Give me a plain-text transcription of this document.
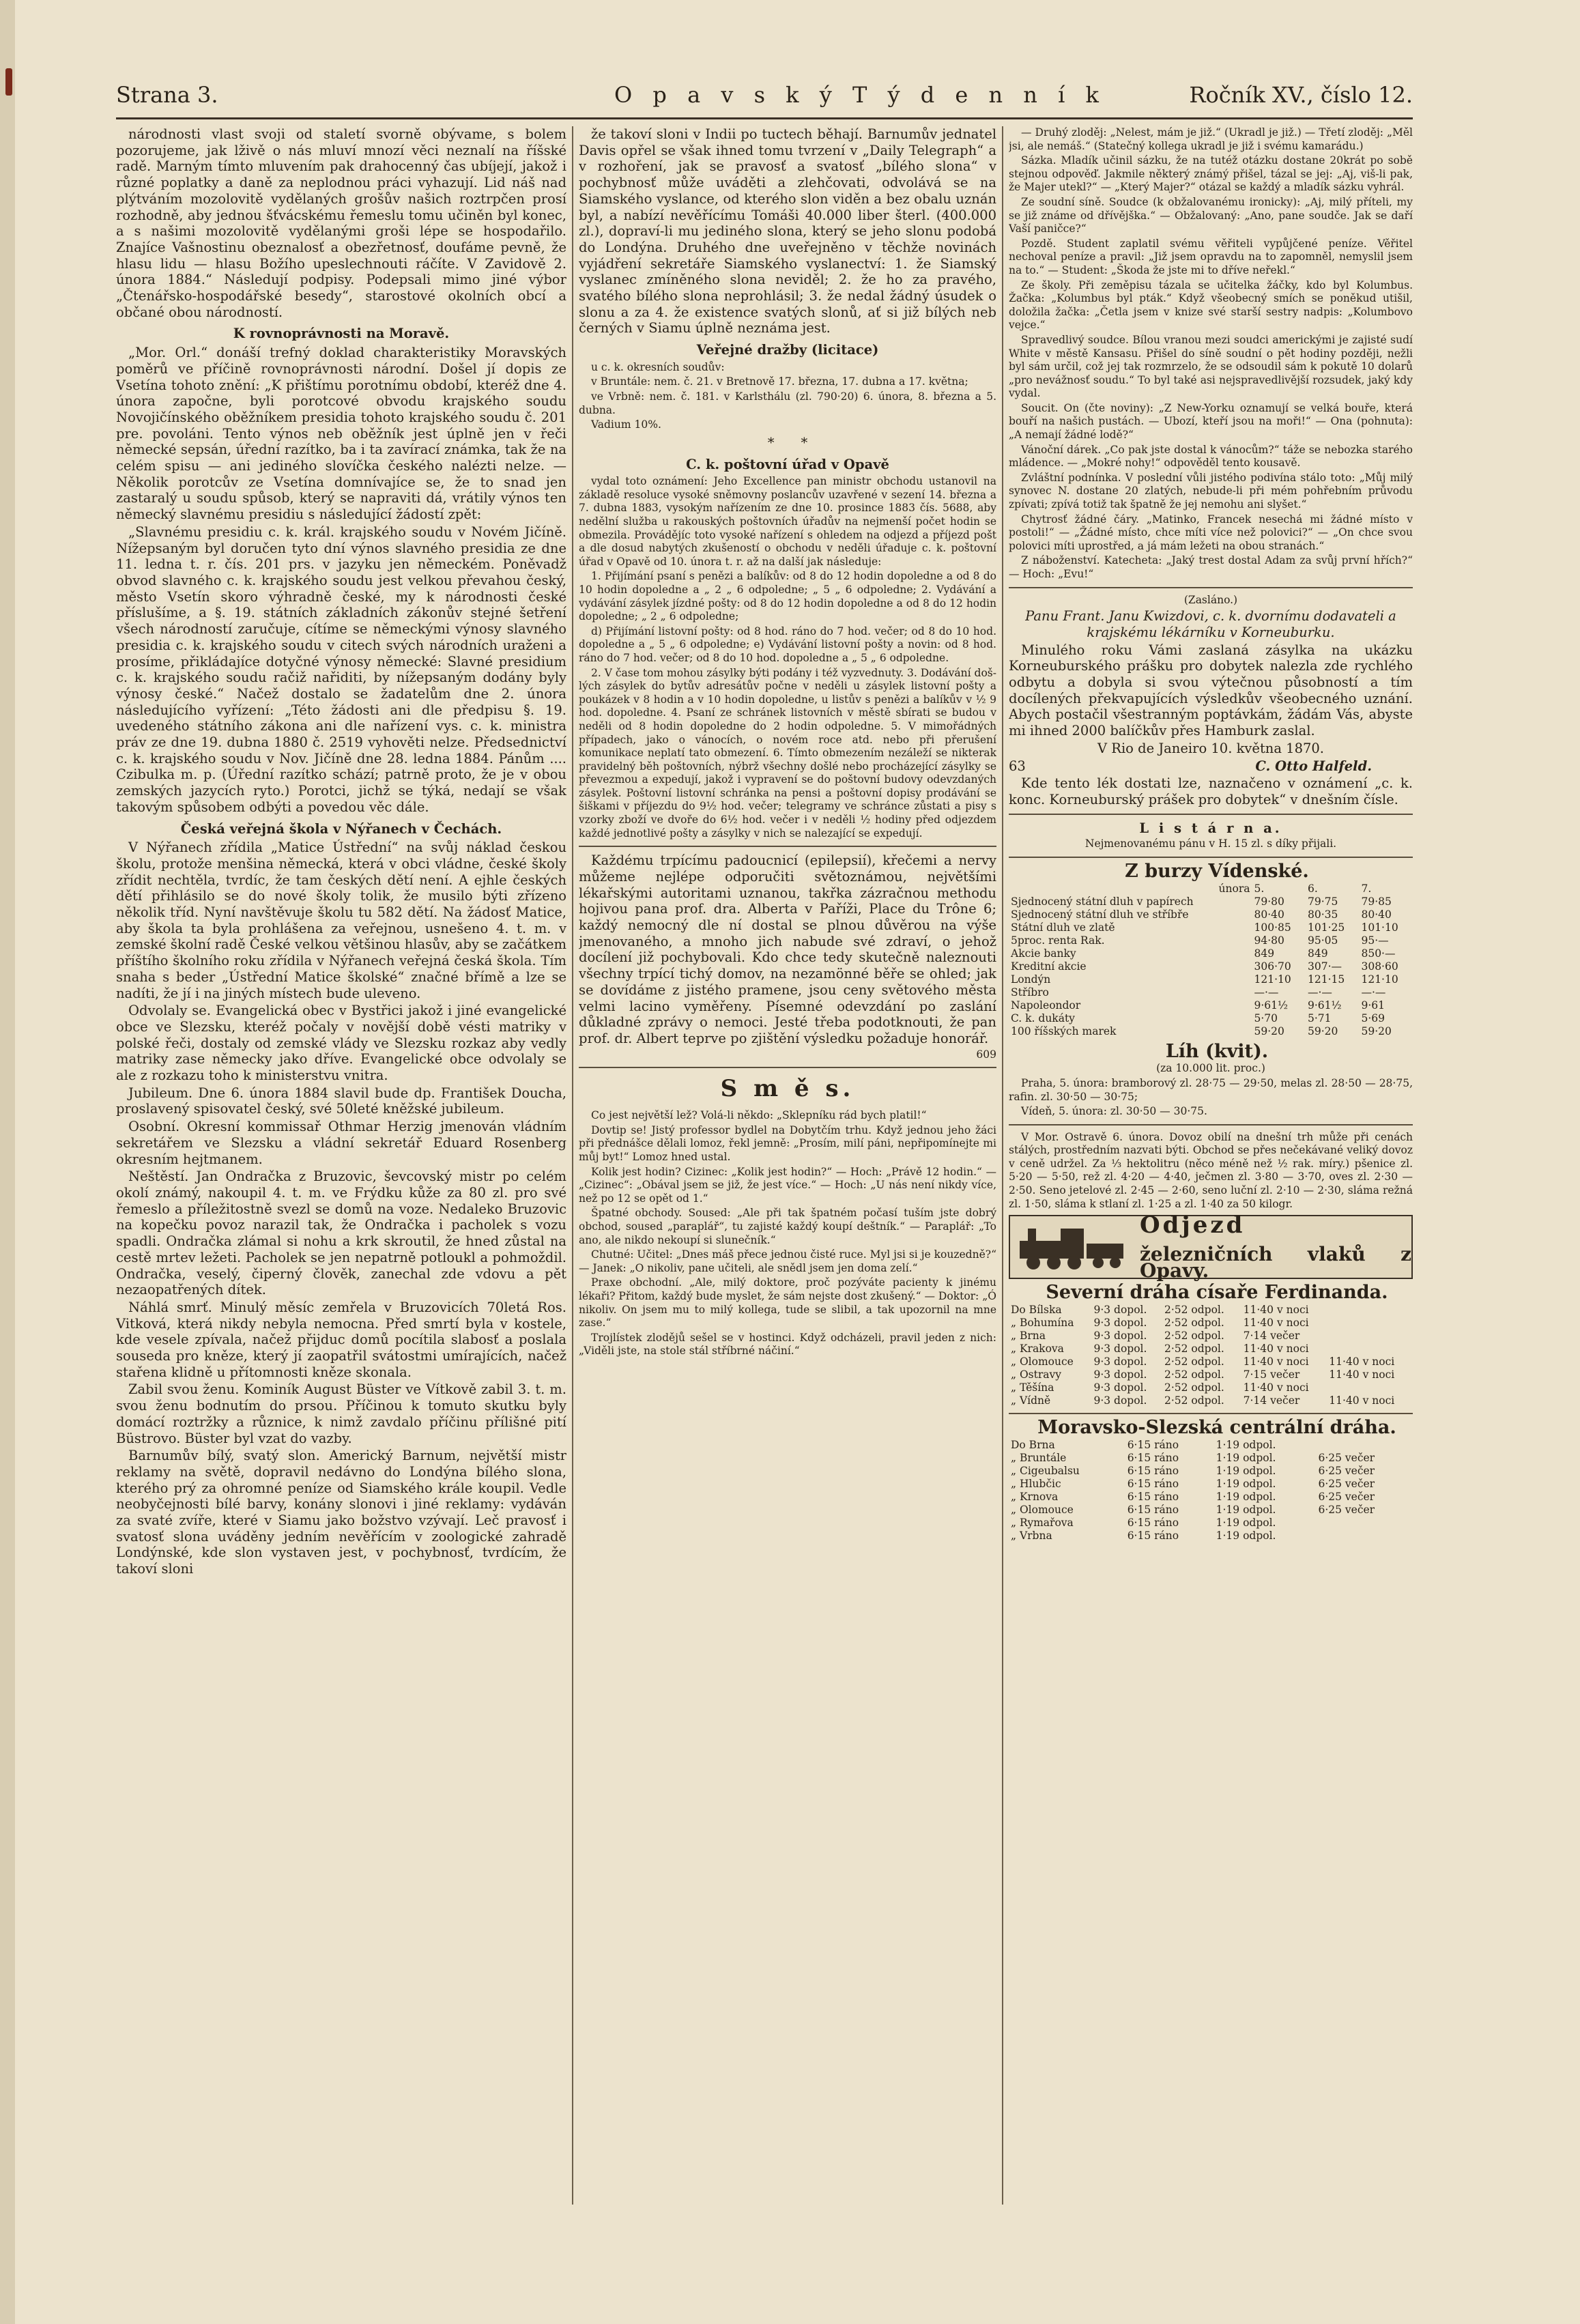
Strana 3.	O p a v s k ý T ý d e n n í k	Ročník XV., číslo 12.

národnosti vlast svoji od staletí svorně obývame, s bolem pozorujeme, jak lživě o nás mluví mnozí věci neznalí na říšské radě. Marným tímto mluvením pak drahocenný čas ubíjejí, jakož i různé poplatky a daně za neplodnou práci vyhazují. Lid náš nad plýtváním mozolovitě vydělaných grošův našich roztrpčen prosí rozhodně, aby jednou šťvácskému řemeslu tomu učiněn byl konec, a s našimi mozolovitě vydělanými groši lépe se hospodařilo. Znajíce Vašnostinu obeznalosť a obezřetnosť, doufáme pevně, že hlasu lidu — hlasu Božího upeslechnouti ráčíte. V Zavidově 2. února 1884.“ Následují podpisy. Podepsali mimo jiné výbor „Čtenářsko-hospodářské besedy“, starostové okolních obcí a občané obou národností.

K rovnoprávnosti na Moravě.

„Mor. Orl.“ donáší trefný doklad charakteristiky Moravských poměrů ve příčině rovnoprávnosti národní. Došel jí dopis ze Vsetína tohoto znění: „K přištímu porotnímu období, kteréž dne 4. února započne, byli porotcové obvodu krajského soudu Novojičínského oběžníkem presidia tohoto krajského soudu č. 201 pre. povoláni. Tento výnos neb oběžník jest úplně jen v řeči německé sepsán, úřední razítko, ba i ta zavírací známka, tak že na celém spisu — ani jediného slovíčka českého nalézti nelze. — Několik porotcův ze Vsetína domnívajíce se, že to snad jen zastaralý u soudu spůsob, který se napraviti dá, vrátily výnos ten německý slavnému presidiu s následující žádostí zpět:

„Slavnému presidiu c. k. král. krajského soudu v Novém Jičíně. Nížepsaným byl doručen tyto dní výnos slavného presidia ze dne 11. ledna t. r. čís. 201 prs. v jazyku jen německém. Poněvadž obvod slavného c. k. krajského soudu jest velkou převahou český, město Vsetín skoro výhradně české, my k národnosti české příslušíme, a §. 19. státních základních zákonův stejné šetření všech národností zaručuje, cítíme se německými výnosy slavného presidia c. k. krajského soudu v citech svých národních uraženi a prosíme, přikládajíce dotyčné výnosy německé: Slavné presidium c. k. krajského soudu račiž nařiditi, by nížepsaným dodány byly výnosy české.“ Načež dostalo se žadatelům dne 2. února následujícího vyřízení: „Této žádosti ani dle předpisu §. 19. uvedeného státního zákona ani dle nařízení vys. c. k. ministra práv ze dne 19. dubna 1880 č. 2519 vyhověti nelze. Předsednictví c. k. krajského soudu v Nov. Jičíně dne 28. ledna 1884. Pánům .... Czibulka m. p. (Úřední razítko schází; patrně proto, že je v obou zemských jazycích ryto.) Porotci, jichž se týká, nedají se však takovým spůsobem odbýti a povedou věc dále.

Česká veřejná škola v Nýřanech v Čechách.

V Nýřanech zřídila „Matice Ústřední“ na svůj náklad českou školu, protože menšina německá, která v obci vládne, české školy zřídit nechtěla, tvrdíc, že tam českých dětí není. A ejhle českých dětí přihlásilo se do nové školy tolik, že musilo býti zřízeno několik tříd. Nyní navštěvuje školu tu 582 dětí. Na žádosť Matice, aby škola ta byla prohlášena za veřejnou, usnešeno 4. t. m. v zemské školní radě České velkou většinou hlasův, aby se začátkem příštího školního roku zřídila v Nýřanech veřejná česká škola. Tím snaha s beder „Ústřední Matice školské“ značné břímě a lze se nadíti, že jí i na jiných místech bude uleveno.

Odvolaly se. Evangelická obec v Bystřici jakož i jiné evangelické obce ve Slezsku, kteréž počaly v novější době vésti matriky v polské řeči, dostaly od zemské vlády ve Slezsku rozkaz aby vedly matriky zase německy jako dříve. Evangelické obce odvolaly se ale z rozkazu toho k ministerstvu vnitra.

Jubileum. Dne 6. února 1884 slavil bude dp. František Doucha, proslavený spisovatel český, své 50leté kněžské jubileum.

Osobní. Okresní kommissař Othmar Herzig jmenován vládním sekretářem ve Slezsku a vládní sekretář Eduard Rosenberg okresním hejtmanem.

Neštěstí. Jan Ondračka z Bruzovic, ševcovský mistr po celém okolí známý, nakoupil 4. t. m. ve Frýdku kůže za 80 zl. pro své řemeslo a příležitostně svezl se domů na voze. Nedaleko Bruzovic na kopečku povoz narazil tak, že Ondračka i pacholek s vozu spadli. Ondračka zlámal si nohu a krk skroutil, že hned zůstal na cestě mrtev ležeti. Pacholek se jen nepatrně potloukl a pohmoždil. Ondračka, veselý, čiperný člověk, zanechal zde vdovu a pět nezaopatřených dítek.

Náhlá smrť. Minulý měsíc zemřela v Bruzovicích 70letá Ros. Vitková, která nikdy nebyla nemocna. Před smrtí byla v kostele, kde vesele zpívala, načež přijduc domů pocítila slabosť a poslala souseda pro kněze, který jí zaopatřil svátostmi umírajících, načež stařena klidně u přítomnosti kněze skonala.

Zabil svou ženu. Kominík August Büster ve Vítkově zabil 3. t. m. svou ženu bodnutím do prsou. Příčinou k tomuto skutku byly domácí roztržky a různice, k nimž zavdalo příčinu přílišné pití Büstrovo. Büster byl vzat do vazby.

Barnumův bílý, svatý slon. Americký Barnum, největší mistr reklamy na světě, dopravil nedávno do Londýna bílého slona, kterého prý za ohromné peníze od Siamského krále koupil. Vedle neobyčejnosti bílé barvy, konány slonovi i jiné reklamy: vydáván za svaté zvíře, které v Siamu jako božstvo vzývají. Leč pravosť i svatosť slona uváděny jedním nevěřícím v zoologické zahradě Londýnské, kde slon vystaven jest, v pochybnosť, tvrdícím, že takoví sloni

že takoví sloni v Indii po tuctech běhají. Barnumův jednatel Davis opřel se však ihned tomu tvrzení v „Daily Telegraph“ a v rozhoření, jak se pravosť a svatosť „bílého slona“ v pochybnosť může uváděti a zlehčovati, odvolává se na Siamského vyslance, od kterého slon viděn a bez obalu uznán byl, a nabízí nevěřícímu Tomáši 40.000 liber šterl. (400.000 zl.), dopraví-li mu jediného slona, který se jeho slonu podobá do Londýna. Druhého dne uveřejněno v těchže novinách vyjádření sekretáře Siamského vyslanectví: 1. že Siamský vyslanec zmíněného slona neviděl; 2. že ho za pravého, svatého bílého slona neprohlásil; 3. že nedal žádný úsudek o slonu a za 4. že existence svatých slonů, ať si již bílých neb černých v Siamu úplně neznáma jest.

Veřejné dražby (licitace)

u c. k. okresních soudův:

v Bruntále: nem. č. 21. v Bretnově 17. března, 17. dubna a 17. května;

ve Vrbně: nem. č. 181. v Karlsthálu (zl. 790·20) 6. února, 8. března a 5. dubna.

Vadium 10%.

*  *

C. k. poštovní úřad v Opavě

vydal toto oznámení: Jeho Excellence pan ministr obchodu ustanovil na základě resoluce vysoké sněmovny poslancův uzavřené v sezení 14. března a 7. dubna 1883, vysokým nařízením ze dne 10. prosince 1883 čís. 5688, aby nedělní služba u rakouských poštovních úřadův na nejmenší počet hodin se obmezila. Provádějíc toto vysoké nařízení s ohledem na odjezd a příjezd pošt a dle dosud nabytých zkušeností o obchodu v neděli úřaduje c. k. poštovní úřad v Opavě od 10. února t. r. až na další jak následuje:

1. Přijímání psaní s penězi a balíkův: od 8 do 12 hodin dopoledne a od 8 do 10 hodin dopoledne a „ 2 „ 6 odpoledne; „ 5 „ 6 odpoledne; 2. Vydávání a vydávání zásylek jízdné pošty: od 8 do 12 hodin dopoledne a od 8 do 12 hodin dopoledne; „ 2 „ 6 odpoledne;

d) Přijímání listovní pošty: od 8 hod. ráno do 7 hod. večer; od 8 do 10 hod. dopoledne a „ 5 „ 6 odpoledne; e) Vydávání listovní pošty a novin: od 8 hod. ráno do 7 hod. večer; od 8 do 10 hod. dopoledne a „ 5 „ 6 odpoledne.

2. V čase tom mohou zásylky býti podány i též vyzvednuty. 3. Dodávání došlých zásylek do bytův adresátův počne v neděli u zásylek listovní pošty a poukázek v 8 hodin a v 10 hodin dopoledne, u listův s penězi a balíkův v ½ 9 hod. dopoledne. 4. Psaní ze schránek listovních v městě sbírati se budou v neděli od 8 hodin dopoledne do 2 hodin odpoledne. 5. V mimořádných případech, jako o vánocích, o novém roce atd. nebo při přerušení komunikace neplatí tato obmezení. 6. Tímto obmezením nezáleží se nikterak pravidelný běh poštovních, nýbrž všechny došlé nebo procházející zásylky se převezmou a expedují, jakož i vypravení se do poštovní budovy odevzdaných zásylek. Poštovní listovní schránka na pensi a poštovní dopisy prodávání se šiškami v příjezdu do 9½ hod. večer; telegramy ve schránce zůstati a pisy s vzorky zboží ve dvoře do 6½ hod. večer i v neděli ½ hodiny před odjezdem každé jednotlivé pošty a zásylky v nich se nalezající se expedují.

Každému trpícímu padoucnicí (epilepsií), křečemi a nervy můžeme nejlépe odporučiti světoznámou, největšími lékařskými autoritami uznanou, takřka zázračnou methodu hojivou pana prof. dra. Alberta v Paříži, Place du Trône 6; každý nemocný dle ní dostal se plnou důvěrou na výše jmenovaného, a mnoho jich nabude své zdraví, o jehož docílení již pochybovali. Kdo chce tedy skutečně naleznouti všechny trpící tichý domov, na nezamönné běře se ohled; jak se dovídáme z jistého pramene, jsou ceny světového města velmi lacino vyměřeny. Písemné odevzdání po zaslání důkladné zprávy o nemoci. Jesté třeba podotknouti, že pan prof. dr. Albert teprve po zjištění výsledku požaduje honorář.

609

S m ě s.

Co jest největší lež? Volá-li někdo: „Sklepníku rád bych platil!“

Dovtip se! Jistý professor bydlel na Dobytčím trhu. Když jednou jeho žáci při přednášce dělali lomoz, řekl jemně: „Prosím, milí páni, nepřipomínejte mi můj byt!“ Lomoz hned ustal.

Kolik jest hodin? Cizinec: „Kolik jest hodin?“ — Hoch: „Právě 12 hodin.“ — „Cizinec“: „Obával jsem se již, že jest více.“ — Hoch: „U nás není nikdy více, než po 12 se opět od 1.“

Špatné obchody. Soused: „Ale při tak špatném počasí tuším jste dobrý obchod, soused „paraplář“, tu zajisté každý koupí deštník.“ — Paraplář: „To ano, ale nikdo nekoupí si slunečník.“

Chutné: Učitel: „Dnes máš přece jednou čisté ruce. Myl jsi si je kouzedně?“ — Janek: „O nikoliv, pane učiteli, ale snědl jsem jen doma zelí.“

Praxe obchodní. „Ale, milý doktore, proč pozýváte pacienty k jinému lékaři? Přitom, každý bude myslet, že sám nejste dost zkušený.“ — Doktor: „Ó nikoliv. On jsem mu to milý kollega, tude se slibil, a tak upozornil na mne zase.“

Trojlístek zlodějů sešel se v hostinci. Když odcházeli, pravil jeden z nich: „Viděli jste, na stole stál stříbrné náčiní.“

— Druhý zloděj: „Nelest, mám je již.“ (Ukradl je již.) — Třetí zloděj: „Měl jsi, ale nemáš.“ (Statečný kollega ukradl je již i svému kamarádu.)

Sázka. Mladík učinil sázku, že na tutéž otázku dostane 20krát po sobě stejnou odpověď. Jakmile některý známý přišel, tázal se jej: „Aj, viš-li pak, že Majer utekl?“ — „Který Majer?“ otázal se každý a mladík sázku vyhrál.

Ze soudní síně. Soudce (k obžalovanému ironicky): „Aj, milý příteli, my se již známe od dřívějška.“ — Obžalovaný: „Ano, pane soudče. Jak se daří Vaší paničce?“

Pozdě. Student zaplatil svému věřiteli vypůjčené peníze. Věřitel nechoval peníze a pravil: „Již jsem opravdu na to zapomněl, nemyslil jsem na to.“ — Student: „Škoda že jste mi to dříve neřekl.“

Ze školy. Při zeměpisu tázala se učitelka žáčky, kdo byl Kolumbus. Žačka: „Kolumbus byl pták.“ Když všeobecný smích se poněkud utišil, doložila žačka: „Četla jsem v knize své starší sestry nadpis: „Kolumbovo vejce.“

Spravedlivý soudce. Bílou vranou mezi soudci americkými je zajisté sudí White v městě Kansasu. Přišel do síně soudní o pět hodiny později, nežli byl sám určil, což jej tak rozmrzelo, že se odsoudil sám k pokutě 10 dolarů „pro nevážnosť soudu.“ To byl také asi nejspravedlivější rozsudek, jaký kdy vydal.

Soucit. On (čte noviny): „Z New-Yorku oznamují se velká bouře, která bouří na našich pustách. — Ubozí, kteří jsou na moři!“ — Ona (pohnuta): „A nemají žádné lodě?“

Vánoční dárek. „Co pak jste dostal k vánocům?“ táže se nebozka starého mládence. — „Mokré nohy!“ odpověděl tento kousavě.

Zvláštní podnínka. V poslední vůli jistého podivína stálo toto: „Můj milý synovec N. dostane 20 zlatých, nebude-li při mém pohřebním průvodu zpívati; zpívá totiž tak špatně že jej nemohu ani slyšet.“

Chytrosť žádné čáry. „Matinko, Francek nesechá mi žádné místo v postoli!“ — „Žádné místo, chce míti více než polovici?“ — „On chce svou polovici míti uprostřed, a já mám ležeti na obou stranách.“

Z náboženství. Katecheta: „Jaký trest dostal Adam za svůj první hřích?“ — Hoch: „Evu!“

(Zasláno.)

Panu Frant. Janu Kwizdovi, c. k. dvornímu dodavateli a krajskému lékárníku v Korneuburku.

Minulého roku Vámi zaslaná zásylka na ukázku Korneuburského prášku pro dobytek nalezla zde rychlého odbytu a dobyla si svou výtečnou působností a tím docílených překvapujících výsledkův všeobecného uznání. Abych postačil všestranným poptávkám, žádám Vás, abyste mi ihned 2000 balíčkův přes Hamburk zaslal.

V Rio de Janeiro 10. května 1870.

63	C. Otto Halfeld.

Kde tento lék dostati lze, naznačeno v oznámení „c. k. konc. Korneuburský prášek pro dobytek“ v dnešním čísle.

L i s t á r n a.

Nejmenovanému pánu v H. 15 zl. s díky přijali.

Z burzy Vídenské.

února	5.	6.	7.
Sjednocený státní dluh v papírech	79·80	79·75	79·85
Sjednocený státní dluh ve stříbře	80·40	80·35	80·40
Státní dluh ve zlatě	100·85	101·25	101·10
5proc. renta Rak.	94·80	95·05	95·—
Akcie banky	849	849	850·—
Kreditní akcie	306·70	307·—	308·60
Londýn	121·10	121·15	121·10
Stříbro	—·—	—·—	—·—
Napoleondor	9·61½	9·61½	9·61
C. k. dukáty	5·70	5·71	5·69
100 říšských marek	59·20	59·20	59·20

Líh (kvit).

(za 10.000 lit. proc.)

Praha, 5. února: bramborový zl. 28·75 — 29·50, melas zl. 28·50 — 28·75, rafin. zl. 30·50 — 30·75;

Vídeň, 5. února: zl. 30·50 — 30·75.

V Mor. Ostravě 6. února. Dovoz obilí na dnešní trh může při cenách stálých, prostředním nazvati býti. Obchod se přes nečekávané veliký dovoz v ceně udržel. Za ⅓ hektolitru (něco méně než ½ rak. míry.) pšenice zl. 5·20 — 5·50, rež zl. 4·20 — 4·40, ječmen zl. 3·80 — 3·70, oves zl. 2·30 — 2·50. Seno jetelové zl. 2·45 — 2·60, seno luční zl. 2·10 — 2·30, sláma režná zl. 1·50, sláma k stlaní zl. 1·25 a zl. 1·40 za 50 kilogr.

Odjezd
železničních vlaků z Opavy.

Severní dráha císaře Ferdinanda.

Do Bílska	9·3 dopol.	2·52 odpol.	11·40 v noci	
„ Bohumína	9·3 dopol.	2·52 odpol.	11·40 v noci	
„ Brna	9·3 dopol.	2·52 odpol.	7·14 večer	
„ Krakova	9·3 dopol.	2·52 odpol.	11·40 v noci	
„ Olomouce	9·3 dopol.	2·52 odpol.	11·40 v noci	11·40 v noci
„ Ostravy	9·3 dopol.	2·52 odpol.	7·15 večer	11·40 v noci
„ Těšína	9·3 dopol.	2·52 odpol.	11·40 v noci	
„ Vídně	9·3 dopol.	2·52 odpol.	7·14 večer	11·40 v noci

Moravsko-Slezská centrální dráha.

Do Brna	6·15 ráno	1·19 odpol.	
„ Bruntále	6·15 ráno	1·19 odpol.	6·25 večer
„ Cigeubalsu	6·15 ráno	1·19 odpol.	6·25 večer
„ Hlubčic	6·15 ráno	1·19 odpol.	6·25 večer
„ Krnova	6·15 ráno	1·19 odpol.	6·25 večer
„ Olomouce	6·15 ráno	1·19 odpol.	6·25 večer
„ Rymařova	6·15 ráno	1·19 odpol.	
„ Vrbna	6·15 ráno	1·19 odpol.	
